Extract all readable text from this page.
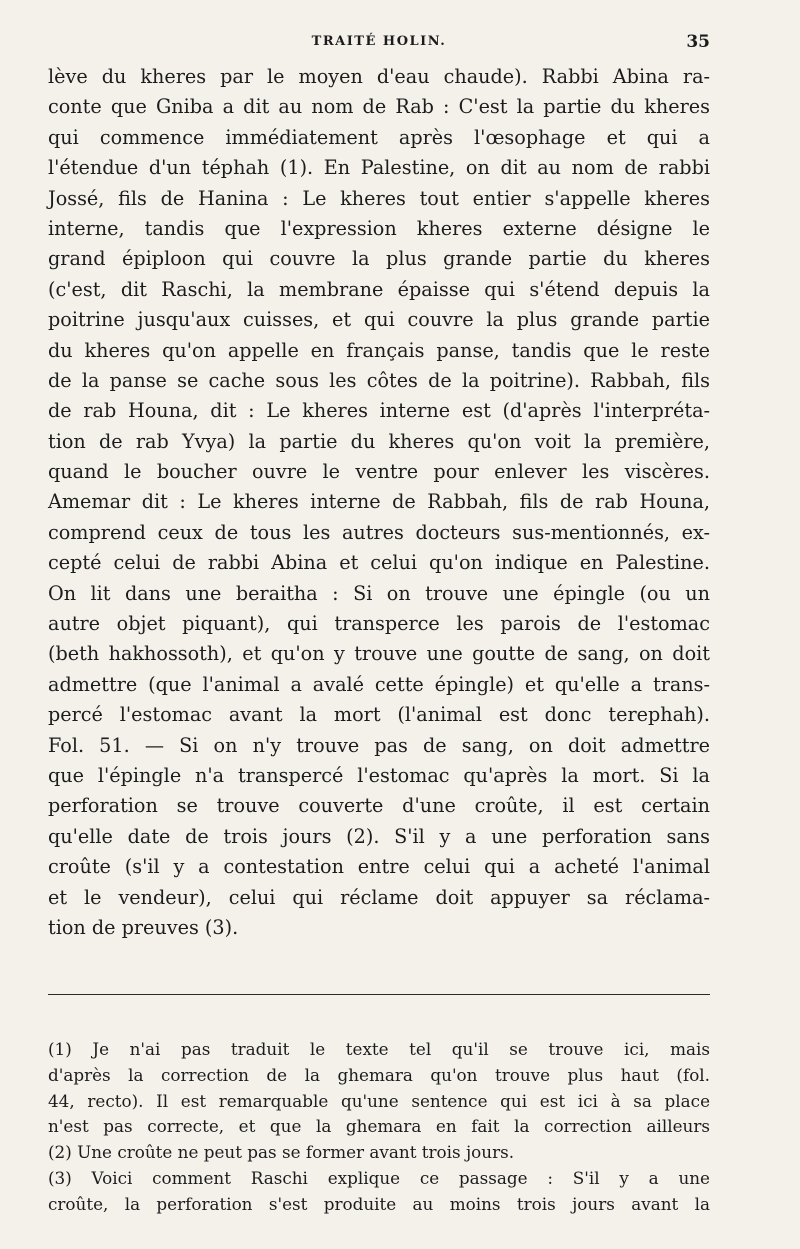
TRAITÉ HOLIN.	35
lève du kheres par le moyen d'eau chaude). Rabbi Abina ra-
conte que Gniba a dit au nom de Rab : C'est la partie du kheres
qui commence immédiatement après l'œsophage et qui a
l'étendue d'un téphah (1). En Palestine, on dit au nom de rabbi
Jossé, fils de Hanina : Le kheres tout entier s'appelle kheres
interne, tandis que l'expression kheres externe désigne le
grand épiploon qui couvre la plus grande partie du kheres
(c'est, dit Raschi, la membrane épaisse qui s'étend depuis la
poitrine jusqu'aux cuisses, et qui couvre la plus grande partie
du kheres qu'on appelle en français panse, tandis que le reste
de la panse se cache sous les côtes de la poitrine). Rabbah, fils
de rab Houna, dit : Le kheres interne est (d'après l'interpréta-
tion de rab Yvya) la partie du kheres qu'on voit la première,
quand le boucher ouvre le ventre pour enlever les viscères.
Amemar dit : Le kheres interne de Rabbah, fils de rab Houna,
comprend ceux de tous les autres docteurs sus-mentionnés, ex-
cepté celui de rabbi Abina et celui qu'on indique en Palestine.
On lit dans une beraitha : Si on trouve une épingle (ou un
autre objet piquant), qui transperce les parois de l'estomac
(beth hakhossoth), et qu'on y trouve une goutte de sang, on doit
admettre (que l'animal a avalé cette épingle) et qu'elle a trans-
percé l'estomac avant la mort (l'animal est donc terephah).
Fol. 51. — Si on n'y trouve pas de sang, on doit admettre
que l'épingle n'a transpercé l'estomac qu'après la mort. Si la
perforation se trouve couverte d'une croûte, il est certain
qu'elle date de trois jours (2). S'il y a une perforation sans
croûte (s'il y a contestation entre celui qui a acheté l'animal
et le vendeur), celui qui réclame doit appuyer sa réclama-
tion de preuves (3).
(1) Je n'ai pas traduit le texte tel qu'il se trouve ici, mais
d'après la correction de la ghemara qu'on trouve plus haut (fol.
44, recto). Il est remarquable qu'une sentence qui est ici à sa place
n'est pas correcte, et que la ghemara en fait la correction ailleurs
(2) Une croûte ne peut pas se former avant trois jours.
(3) Voici comment Raschi explique ce passage : S'il y a une
croûte, la perforation s'est produite au moins trois jours avant la
